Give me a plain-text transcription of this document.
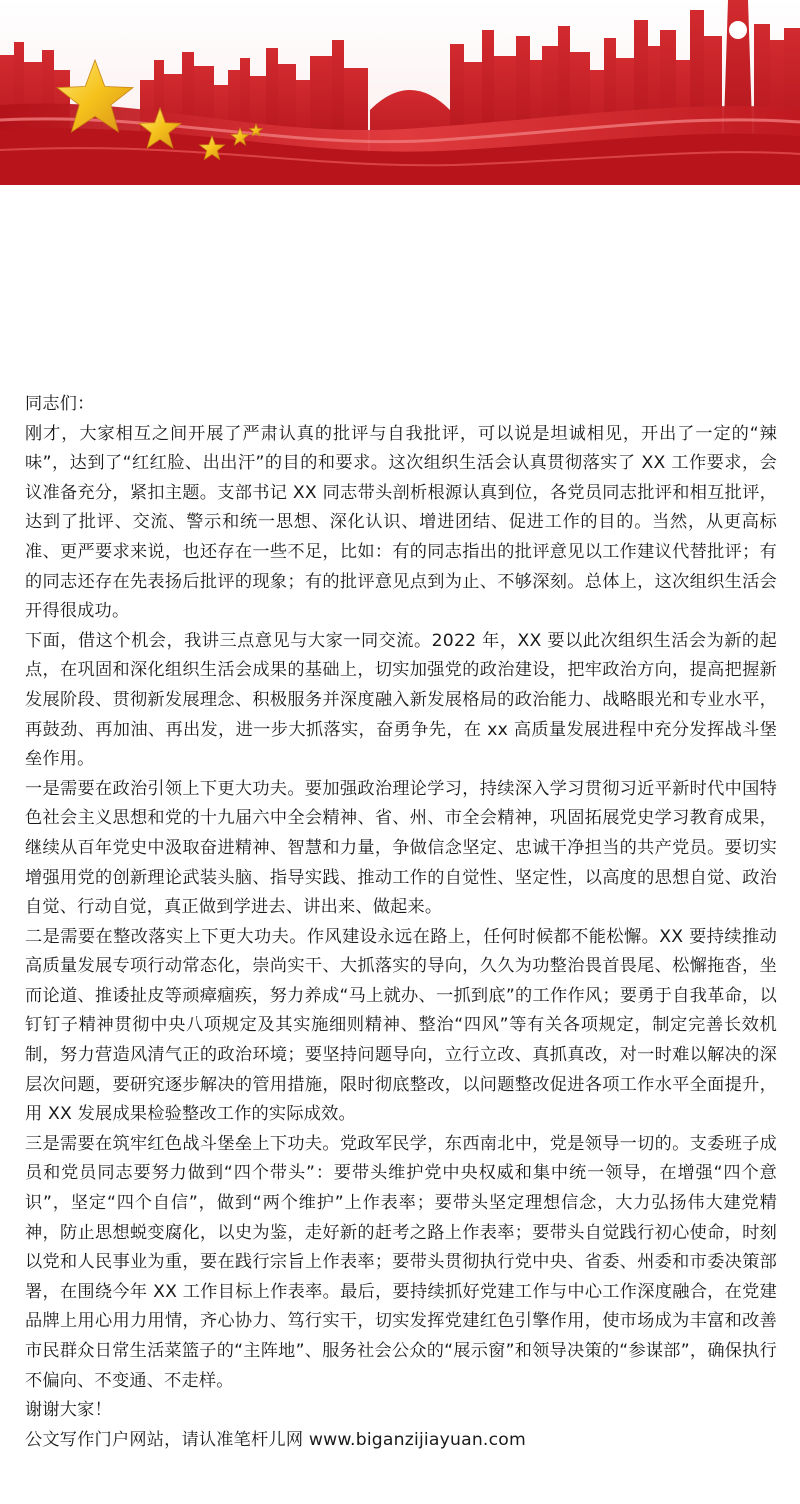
同志们：

刚才，大家相互之间开展了严肃认真的批评与自我批评，可以说是坦诚相见，开出了一定的“辣味”，达到了“红红脸、出出汗”的目的和要求。这次组织生活会认真贯彻落实了 XX 工作要求，会议准备充分，紧扣主题。支部书记 XX 同志带头剖析根源认真到位，各党员同志批评和相互批评，达到了批评、交流、警示和统一思想、深化认识、增进团结、促进工作的目的。当然，从更高标准、更严要求来说，也还存在一些不足，比如：有的同志指出的批评意见以工作建议代替批评；有的同志还存在先表扬后批评的现象；有的批评意见点到为止、不够深刻。总体上，这次组织生活会开得很成功。

下面，借这个机会，我讲三点意见与大家一同交流。2022 年，XX 要以此次组织生活会为新的起点，在巩固和深化组织生活会成果的基础上，切实加强党的政治建设，把牢政治方向，提高把握新发展阶段、贯彻新发展理念、积极服务并深度融入新发展格局的政治能力、战略眼光和专业水平，再鼓劲、再加油、再出发，进一步大抓落实，奋勇争先，在 xx 高质量发展进程中充分发挥战斗堡垒作用。

一是需要在政治引领上下更大功夫。要加强政治理论学习，持续深入学习贯彻习近平新时代中国特色社会主义思想和党的十九届六中全会精神、省、州、市全会精神，巩固拓展党史学习教育成果，继续从百年党史中汲取奋进精神、智慧和力量，争做信念坚定、忠诚干净担当的共产党员。要切实增强用党的创新理论武装头脑、指导实践、推动工作的自觉性、坚定性，以高度的思想自觉、政治自觉、行动自觉，真正做到学进去、讲出来、做起来。

二是需要在整改落实上下更大功夫。作风建设永远在路上，任何时候都不能松懈。XX 要持续推动高质量发展专项行动常态化，崇尚实干、大抓落实的导向，久久为功整治畏首畏尾、松懈拖沓，坐而论道、推诿扯皮等顽瘴痼疾，努力养成“马上就办、一抓到底”的工作作风；要勇于自我革命，以钉钉子精神贯彻中央八项规定及其实施细则精神、整治“四风”等有关各项规定，制定完善长效机制，努力营造风清气正的政治环境；要坚持问题导向，立行立改、真抓真改，对一时难以解决的深层次问题，要研究逐步解决的管用措施，限时彻底整改，以问题整改促进各项工作水平全面提升，用 XX 发展成果检验整改工作的实际成效。

三是需要在筑牢红色战斗堡垒上下功夫。党政军民学，东西南北中，党是领导一切的。支委班子成员和党员同志要努力做到“四个带头”：要带头维护党中央权威和集中统一领导，在增强“四个意识”，坚定“四个自信”，做到“两个维护”上作表率；要带头坚定理想信念，大力弘扬伟大建党精神，防止思想蜕变腐化，以史为鉴，走好新的赶考之路上作表率；要带头自觉践行初心使命，时刻以党和人民事业为重，要在践行宗旨上作表率；要带头贯彻执行党中央、省委、州委和市委决策部署，在围绕今年 XX 工作目标上作表率。最后，要持续抓好党建工作与中心工作深度融合，在党建品牌上用心用力用情，齐心协力、笃行实干，切实发挥党建红色引擎作用，使市场成为丰富和改善市民群众日常生活菜篮子的“主阵地”、服务社会公众的“展示窗”和领导决策的“参谋部”，确保执行不偏向、不变通、不走样。

谢谢大家！

公文写作门户网站，请认准笔杆儿网 www.biganzijiayuan.com
